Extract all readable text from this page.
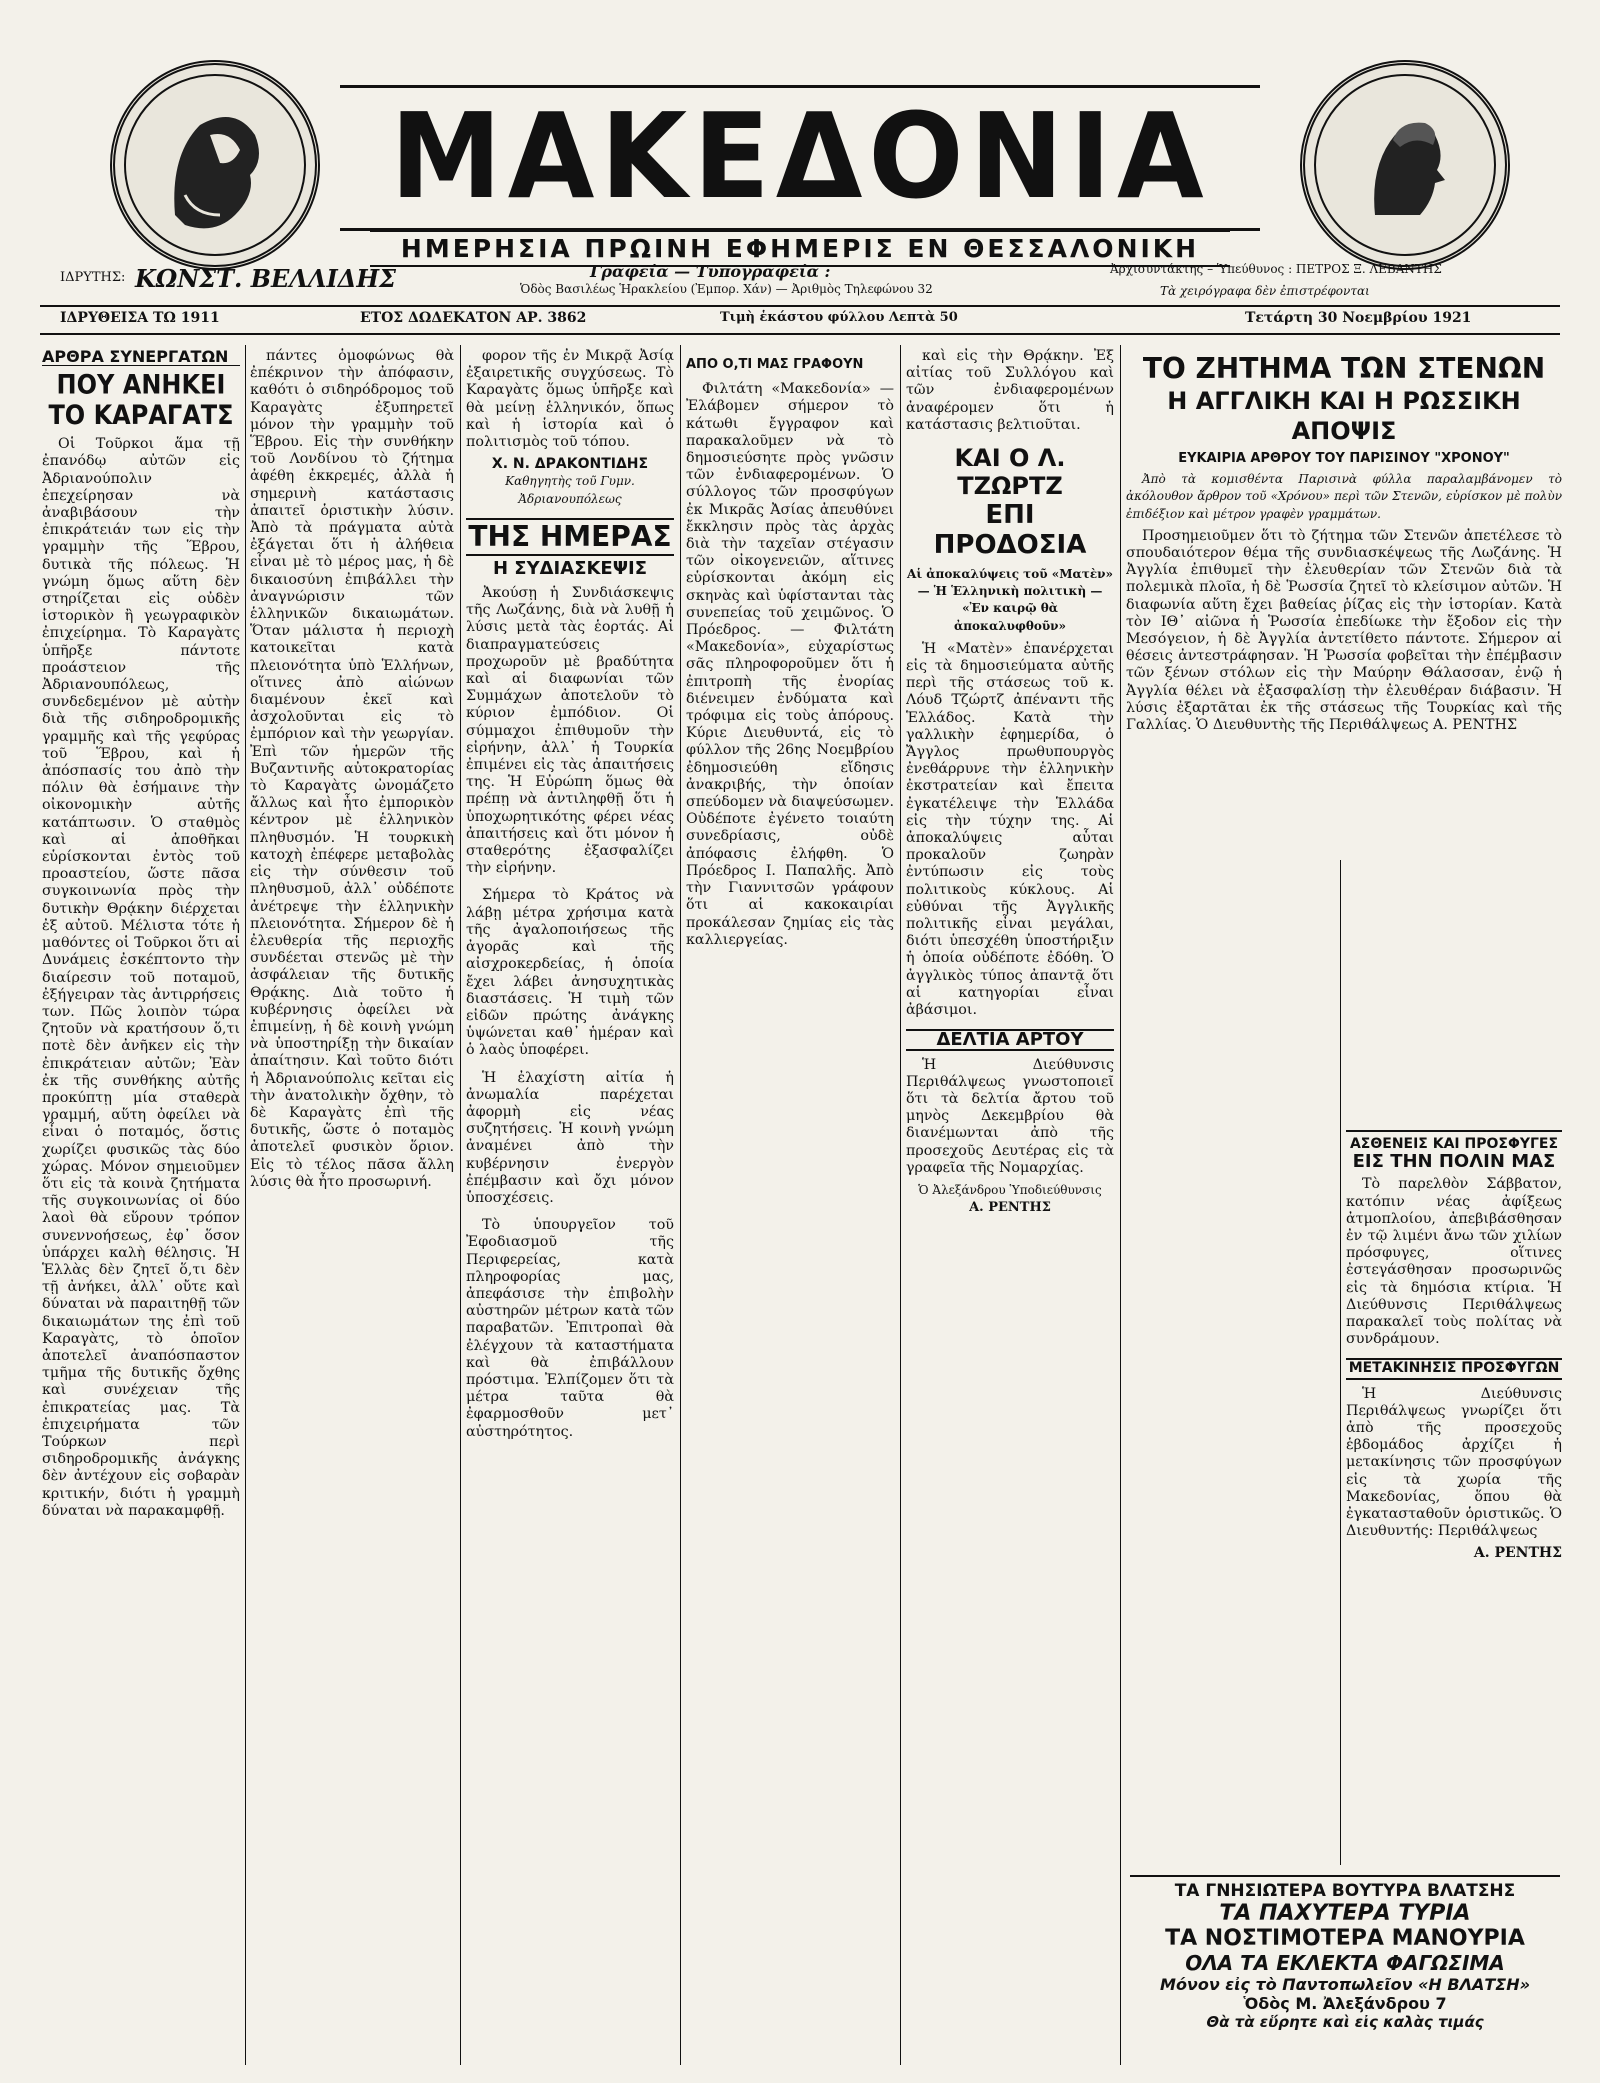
ΜΑΚΕΔΟΝΙΑ
ΗΜΕΡΗΣΙΑ ΠΡΩΙΝΗ ΕΦΗΜΕΡΙΣ ΕΝ ΘΕΣΣΑΛΟΝΙΚΗ
ΙΔΡΥΤΗΣ: ΚΩΝΣΤ. ΒΕΛΛΙΔΗΣ	Γραφεία — Τυπογραφεία :
Ὁδὸς Βασιλέως Ἡρακλείου (Ἐμπορ. Χάν) — Ἀριθμὸς Τηλεφώνου 32
Ἀρχισυντάκτης – Ὑπεύθυνος : ΠΕΤΡΟΣ Ξ. ΛΕΒΑΝΤΗΣ
Τὰ χειρόγραφα δὲν ἐπιστρέφονται
ΙΔΡΥΘΕΙΣΑ ΤΩ 1911	ΕΤΟΣ ΔΩΔΕΚΑΤΟΝ ΑΡ. 3862	Τιμὴ ἑκάστου φύλλου Λεπτὰ 50	Τετάρτη 30 Νοεμβρίου 1921
ΑΡΘΡΑ ΣΥΝΕΡΓΑΤΩΝ
ΠΟΥ ΑΝΗΚΕΙ ΤΟ ΚΑΡΑΓΑΤΣ

Οἱ Τοῦρκοι ἅμα τῇ ἐπανόδῳ αὐτῶν εἰς Ἀδριανούπολιν ἐπεχείρησαν νὰ ἀναβιβάσουν τὴν ἐπικράτειάν των εἰς τὴν γραμμὴν τῆς Ἕβρου, δυτικὰ τῆς πόλεως. Ἡ γνώμη ὅμως αὕτη δὲν στηρίζεται εἰς οὐδὲν ἱστορικὸν ἢ γεωγραφικὸν ἐπιχείρημα. Τὸ Καραγὰτς ὑπῆρξε πάντοτε προάστειον τῆς Ἀδριανουπόλεως, συνδεδεμένον μὲ αὐτὴν διὰ τῆς σιδηροδρομικῆς γραμμῆς καὶ τῆς γεφύρας τοῦ Ἕβρου, καὶ ἡ ἀπόσπασίς του ἀπὸ τὴν πόλιν θὰ ἐσήμαινε τὴν οἰκονομικὴν αὐτῆς κατάπτωσιν. Ὁ σταθμὸς καὶ αἱ ἀποθῆκαι εὑρίσκονται ἐντὸς τοῦ προαστείου, ὥστε πᾶσα συγκοινωνία πρὸς τὴν δυτικὴν Θρᾴκην διέρχεται ἐξ αὐτοῦ. Μέλιστα τότε ἡ μαθόντες οἱ Τοῦρκοι ὅτι αἱ Δυνάμεις ἐσκέπτοντο τὴν διαίρεσιν τοῦ ποταμοῦ, ἐξήγειραν τὰς ἀντιρρήσεις των. Πῶς λοιπὸν τώρα ζητοῦν νὰ κρατήσουν ὅ,τι ποτὲ δὲν ἀνῆκεν εἰς τὴν ἐπικράτειαν αὐτῶν; Ἐὰν ἐκ τῆς συνθήκης αὐτῆς προκύπτῃ μία σταθερὰ γραμμή, αὕτη ὀφείλει νὰ εἶναι ὁ ποταμός, ὅστις χωρίζει φυσικῶς τὰς δύο χώρας. Μόνον σημειοῦμεν ὅτι εἰς τὰ κοινὰ ζητήματα τῆς συγκοινωνίας οἱ δύο λαοὶ θὰ εὕρουν τρόπον συνεννοήσεως, ἐφ᾽ ὅσον ὑπάρχει καλὴ θέλησις. Ἡ Ἑλλὰς δὲν ζητεῖ ὅ,τι δὲν τῇ ἀνήκει, ἀλλ᾽ οὔτε καὶ δύναται νὰ παραιτηθῇ τῶν δικαιωμάτων της ἐπὶ τοῦ Καραγὰτς, τὸ ὁποῖον ἀποτελεῖ ἀναπόσπαστον τμῆμα τῆς δυτικῆς ὄχθης καὶ συνέχειαν τῆς ἐπικρατείας μας. Τὰ ἐπιχειρήματα τῶν Τούρκων περὶ σιδηροδρομικῆς ἀνάγκης δὲν ἀντέχουν εἰς σοβαρὰν κριτικήν, διότι ἡ γραμμὴ δύναται νὰ παρακαμφθῇ.

πάντες ὁμοφώνως θὰ ἐπέκρινον τὴν ἀπόφασιν, καθότι ὁ σιδηρόδρομος τοῦ Καραγὰτς ἐξυπηρετεῖ μόνον τὴν γραμμὴν τοῦ Ἕβρου. Εἰς τὴν συνθήκην τοῦ Λονδίνου τὸ ζήτημα ἀφέθη ἐκκρεμές, ἀλλὰ ἡ σημερινὴ κατάστασις ἀπαιτεῖ ὁριστικὴν λύσιν. Ἀπὸ τὰ πράγματα αὐτὰ ἐξάγεται ὅτι ἡ ἀλήθεια εἶναι μὲ τὸ μέρος μας, ἡ δὲ δικαιοσύνη ἐπιβάλλει τὴν ἀναγνώρισιν τῶν ἑλληνικῶν δικαιωμάτων. Ὅταν μάλιστα ἡ περιοχὴ κατοικεῖται κατὰ πλειονότητα ὑπὸ Ἑλλήνων, οἵτινες ἀπὸ αἰώνων διαμένουν ἐκεῖ καὶ ἀσχολοῦνται εἰς τὸ ἐμπόριον καὶ τὴν γεωργίαν. Ἐπὶ τῶν ἡμερῶν τῆς Βυζαντινῆς αὐτοκρατορίας τὸ Καραγὰτς ὠνομάζετο ἄλλως καὶ ἦτο ἐμπορικὸν κέντρον μὲ ἑλληνικὸν πληθυσμόν. Ἡ τουρκικὴ κατοχὴ ἐπέφερε μεταβολὰς εἰς τὴν σύνθεσιν τοῦ πληθυσμοῦ, ἀλλ᾽ οὐδέποτε ἀνέτρεψε τὴν ἑλληνικὴν πλειονότητα. Σήμερον δὲ ἡ ἐλευθερία τῆς περιοχῆς συνδέεται στενῶς μὲ τὴν ἀσφάλειαν τῆς δυτικῆς Θρᾴκης. Διὰ τοῦτο ἡ κυβέρνησις ὀφείλει νὰ ἐπιμείνῃ, ἡ δὲ κοινὴ γνώμη νὰ ὑποστηρίξῃ τὴν δικαίαν ἀπαίτησιν. Καὶ τοῦτο διότι ἡ Ἀδριανούπολις κεῖται εἰς τὴν ἀνατολικὴν ὄχθην, τὸ δὲ Καραγὰτς ἐπὶ τῆς δυτικῆς, ὥστε ὁ ποταμὸς ἀποτελεῖ φυσικὸν ὅριον. Εἰς τὸ τέλος πᾶσα ἄλλη λύσις θὰ ἦτο προσωρινή.

φορον τῆς ἐν Μικρᾷ Ἀσίᾳ ἐξαιρετικῆς συγχύσεως. Τὸ Καραγὰτς ὅμως ὑπῆρξε καὶ θὰ μείνῃ ἑλληνικόν, ὅπως καὶ ἡ ἱστορία καὶ ὁ πολιτισμὸς τοῦ τόπου.

Χ. Ν. ΔΡΑΚΟΝΤΙΔΗΣ
Καθηγητὴς τοῦ Γυμν. Ἀδριανουπόλεως
ΤΗΣ ΗΜΕΡΑΣ
Η ΣΥΔΙΑΣΚΕΨΙΣ

Ἀκούσῃ ἡ Συνδιάσκεψις τῆς Λωζάνης, διὰ νὰ λυθῇ ἡ λύσις μετὰ τὰς ἑορτάς. Αἱ διαπραγματεύσεις προχωροῦν μὲ βραδύτητα καὶ αἱ διαφωνίαι τῶν Συμμάχων ἀποτελοῦν τὸ κύριον ἐμπόδιον. Οἱ σύμμαχοι ἐπιθυμοῦν τὴν εἰρήνην, ἀλλ᾽ ἡ Τουρκία ἐπιμένει εἰς τὰς ἀπαιτήσεις της. Ἡ Εὐρώπη ὅμως θὰ πρέπῃ νὰ ἀντιληφθῇ ὅτι ἡ ὑποχωρητικότης φέρει νέας ἀπαιτήσεις καὶ ὅτι μόνον ἡ σταθερότης ἐξασφαλίζει τὴν εἰρήνην.

Σήμερα τὸ Κράτος νὰ λάβῃ μέτρα χρήσιμα κατὰ τῆς ἀγαλοποιήσεως τῆς ἀγορᾶς καὶ τῆς αἰσχροκερδείας, ἡ ὁποία ἔχει λάβει ἀνησυχητικὰς διαστάσεις. Ἡ τιμὴ τῶν εἰδῶν πρώτης ἀνάγκης ὑψώνεται καθ᾽ ἡμέραν καὶ ὁ λαὸς ὑποφέρει.

Ἡ ἐλαχίστη αἰτία ἡ ἀνωμαλία παρέχεται ἀφορμὴ εἰς νέας συζητήσεις. Ἡ κοινὴ γνώμη ἀναμένει ἀπὸ τὴν κυβέρνησιν ἐνεργὸν ἐπέμβασιν καὶ ὄχι μόνον ὑποσχέσεις.

Τὸ ὑπουργεῖον τοῦ Ἐφοδιασμοῦ τῆς Περιφερείας, κατὰ πληροφορίας μας, ἀπεφάσισε τὴν ἐπιβολὴν αὐστηρῶν μέτρων κατὰ τῶν παραβατῶν. Ἐπιτροπαὶ θὰ ἐλέγχουν τὰ καταστήματα καὶ θὰ ἐπιβάλλουν πρόστιμα. Ἐλπίζομεν ὅτι τὰ μέτρα ταῦτα θὰ ἐφαρμοσθοῦν μετ᾽ αὐστηρότητος.

ΑΠΟ Ο,ΤΙ ΜΑΣ ΓΡΑΦΟΥΝ

Φιλτάτη «Μακεδονία» — Ἐλάβομεν σήμερον τὸ κάτωθι ἔγγραφον καὶ παρακαλοῦμεν νὰ τὸ δημοσιεύσητε πρὸς γνῶσιν τῶν ἐνδιαφερομένων. Ὁ σύλλογος τῶν προσφύγων ἐκ Μικρᾶς Ἀσίας ἀπευθύνει ἔκκλησιν πρὸς τὰς ἀρχὰς διὰ τὴν ταχεῖαν στέγασιν τῶν οἰκογενειῶν, αἵτινες εὑρίσκονται ἀκόμη εἰς σκηνὰς καὶ ὑφίστανται τὰς συνεπείας τοῦ χειμῶνος. Ὁ Πρόεδρος. — Φιλτάτη «Μακεδονία», εὐχαρίστως σᾶς πληροφοροῦμεν ὅτι ἡ ἐπιτροπὴ τῆς ἐνορίας διένειμεν ἐνδύματα καὶ τρόφιμα εἰς τοὺς ἀπόρους. Κύριε Διευθυντά, εἰς τὸ φύλλον τῆς 26ης Νοεμβρίου ἐδημοσιεύθη εἴδησις ἀνακριβής, τὴν ὁποίαν σπεύδομεν νὰ διαψεύσωμεν. Οὐδέποτε ἐγένετο τοιαύτη συνεδρίασις, οὐδὲ ἀπόφασις ἐλήφθη. Ὁ Πρόεδρος Ι. Παπαλῆς. Ἀπὸ τὴν Γιαννιτσῶν γράφουν ὅτι αἱ κακοκαιρίαι προκάλεσαν ζημίας εἰς τὰς καλλιεργείας.

καὶ εἰς τὴν Θρᾴκην. Ἐξ αἰτίας τοῦ Συλλόγου καὶ τῶν ἐνδιαφερομένων ἀναφέρομεν ὅτι ἡ κατάστασις βελτιοῦται.

ΚΑΙ Ο Λ. ΤΖΩΡΤΖ
ΕΠΙ ΠΡΟΔΟΣΙΑ
Αἱ ἀποκαλύψεις τοῦ «Ματὲν» — Ἡ Ἑλληνικὴ πολιτικὴ — «Ἐν καιρῷ θὰ ἀποκαλυφθοῦν»

Ἡ «Ματὲν» ἐπανέρχεται εἰς τὰ δημοσιεύματα αὐτῆς περὶ τῆς στάσεως τοῦ κ. Λόυδ Τζώρτζ ἀπέναντι τῆς Ἑλλάδος. Κατὰ τὴν γαλλικὴν ἐφημερίδα, ὁ Ἄγγλος πρωθυπουργὸς ἐνεθάρρυνε τὴν ἑλληνικὴν ἐκστρατείαν καὶ ἔπειτα ἐγκατέλειψε τὴν Ἑλλάδα εἰς τὴν τύχην της. Αἱ ἀποκαλύψεις αὗται προκαλοῦν ζωηρὰν ἐντύπωσιν εἰς τοὺς πολιτικοὺς κύκλους. Αἱ εὐθύναι τῆς Ἀγγλικῆς πολιτικῆς εἶναι μεγάλαι, διότι ὑπεσχέθη ὑποστήριξιν ἡ ὁποία οὐδέποτε ἐδόθη. Ὁ ἀγγλικὸς τύπος ἀπαντᾷ ὅτι αἱ κατηγορίαι εἶναι ἀβάσιμοι.

ΔΕΛΤΙΑ ΑΡΤΟΥ

Ἡ Διεύθυνσις Περιθάλψεως γνωστοποιεῖ ὅτι τὰ δελτία ἄρτου τοῦ μηνὸς Δεκεμβρίου θὰ διανέμωνται ἀπὸ τῆς προσεχοῦς Δευτέρας εἰς τὰ γραφεῖα τῆς Νομαρχίας.

Ὁ Ἀλεξάνδρου Ὑποδιεύθυνσις
Α. ΡΕΝΤΗΣ
ΤΟ ΖΗΤΗΜΑ ΤΩΝ ΣΤΕΝΩΝ
Η ΑΓΓΛΙΚΗ ΚΑΙ Η ΡΩΣΣΙΚΗ ΑΠΟΨΙΣ
ΕΥΚΑΙΡΙΑ ΑΡΘΡΟΥ ΤΟΥ ΠΑΡΙΣΙΝΟΥ "ΧΡΟΝΟΥ"

Ἀπὸ τὰ κομισθέντα Παρισινὰ φύλλα παραλαμβάνομεν τὸ ἀκόλουθον ἄρθρον τοῦ «Χρόνου» περὶ τῶν Στενῶν, εὑρίσκον μὲ πολὺν ἐπιδέξιον καὶ μέτρον γραφὲν γραμμάτων.

Προσημειοῦμεν ὅτι τὸ ζήτημα τῶν Στενῶν ἀπετέλεσε τὸ σπουδαιότερον θέμα τῆς συνδιασκέψεως τῆς Λωζάνης. Ἡ Ἀγγλία ἐπιθυμεῖ τὴν ἐλευθερίαν τῶν Στενῶν διὰ τὰ πολεμικὰ πλοῖα, ἡ δὲ Ῥωσσία ζητεῖ τὸ κλείσιμον αὐτῶν. Ἡ διαφωνία αὕτη ἔχει βαθείας ῥίζας εἰς τὴν ἱστορίαν. Κατὰ τὸν ΙΘ᾽ αἰῶνα ἡ Ῥωσσία ἐπεδίωκε τὴν ἔξοδον εἰς τὴν Μεσόγειον, ἡ δὲ Ἀγγλία ἀντετίθετο πάντοτε. Σήμερον αἱ θέσεις ἀντεστράφησαν. Ἡ Ῥωσσία φοβεῖται τὴν ἐπέμβασιν τῶν ξένων στόλων εἰς τὴν Μαύρην Θάλασσαν, ἐνῷ ἡ Ἀγγλία θέλει νὰ ἐξασφαλίσῃ τὴν ἐλευθέραν διάβασιν. Ἡ λύσις ἐξαρτᾶται ἐκ τῆς στάσεως τῆς Τουρκίας καὶ τῆς Γαλλίας. Ὁ Διευθυντὴς τῆς Περιθάλψεως Α. ΡΕΝΤΗΣ

ΑΣΘΕΝΕΙΣ ΚΑΙ ΠΡΟΣΦΥΓΕΣ
ΕΙΣ ΤΗΝ ΠΟΛΙΝ ΜΑΣ

Τὸ παρελθὸν Σάββατον, κατόπιν νέας ἀφίξεως ἀτμοπλοίου, ἀπεβιβάσθησαν ἐν τῷ λιμένι ἄνω τῶν χιλίων πρόσφυγες, οἵτινες ἐστεγάσθησαν προσωρινῶς εἰς τὰ δημόσια κτίρια. Ἡ Διεύθυνσις Περιθάλψεως παρακαλεῖ τοὺς πολίτας νὰ συνδράμουν.

ΜΕΤΑΚΙΝΗΣΙΣ ΠΡΟΣΦΥΓΩΝ

Ἡ Διεύθυνσις Περιθάλψεως γνωρίζει ὅτι ἀπὸ τῆς προσεχοῦς ἑβδομάδος ἀρχίζει ἡ μετακίνησις τῶν προσφύγων εἰς τὰ χωρία τῆς Μακεδονίας, ὅπου θὰ ἐγκατασταθοῦν ὁριστικῶς. Ὁ Διευθυντής: Περιθάλψεως

Α. ΡΕΝΤΗΣ
ΤΑ ΓΝΗΣΙΩΤΕΡΑ ΒΟΥΤΥΡΑ ΒΛΑΤΣΗΣ
ΤΑ ΠΑΧΥΤΕΡΑ ΤΥΡΙΑ
ΤΑ ΝΟΣΤΙΜΟΤΕΡΑ ΜΑΝΟΥΡΙΑ
ΟΛΑ ΤΑ ΕΚΛΕΚΤΑ ΦΑΓΩΣΙΜΑ
Μόνον εἰς τὸ Παντοπωλεῖον «Η ΒΛΑΤΣΗ»
Ὁδὸς Μ. Ἀλεξάνδρου 7
Θὰ τὰ εὕρητε καὶ εἰς καλὰς τιμάς
